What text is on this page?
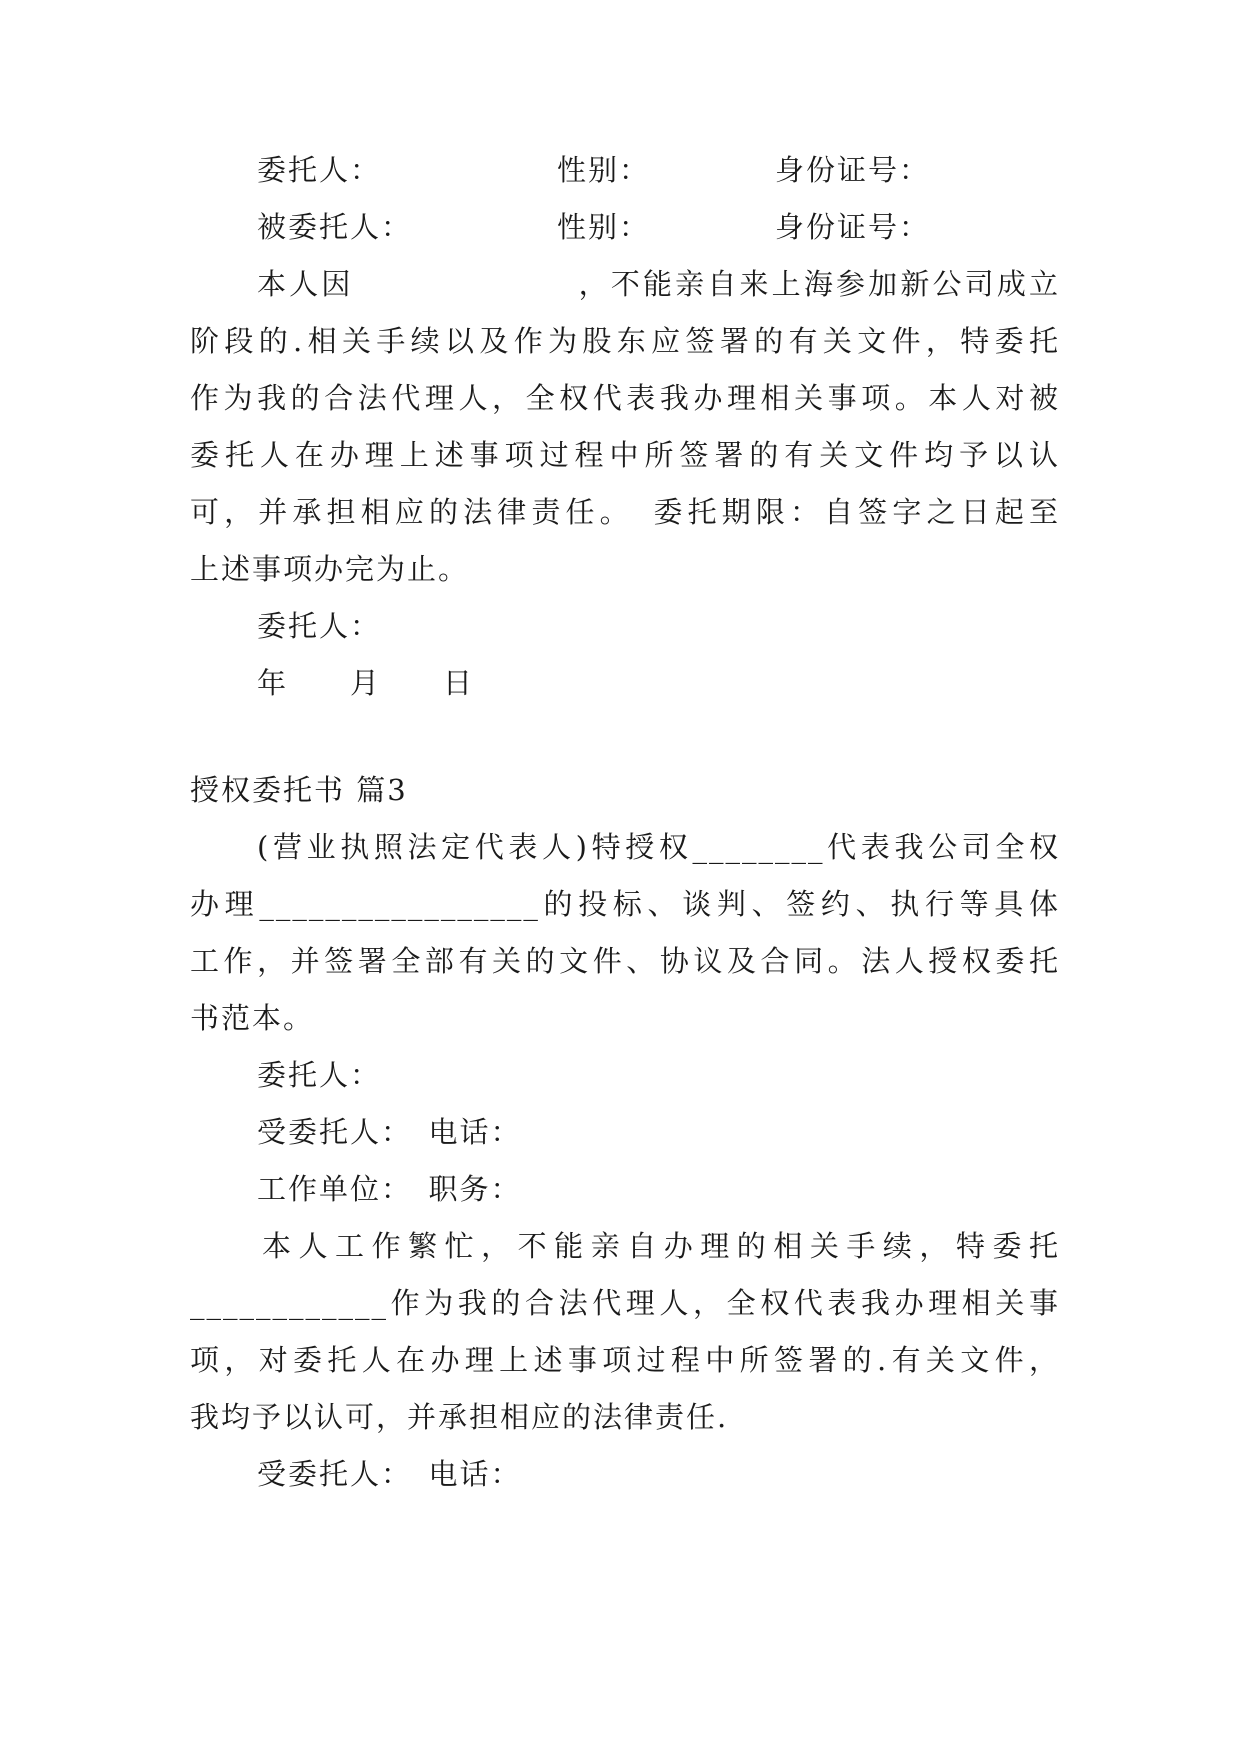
委托人：	性别：	身份证号：
被委托人：	性别：	身份证号：
本人因　　　　　　　，不能亲自来上海参加新公司成立
阶段的.相关手续以及作为股东应签署的有关文件，特委托
作为我的合法代理人，全权代表我办理相关事项。本人对被
委托人在办理上述事项过程中所签署的有关文件均予以认
可，并承担相应的法律责任。　委托期限：自签字之日起至
上述事项办完为止。
委托人：
年　　月　　日
授权委托书 篇3
(营业执照法定代表人)特授权________代表我公司全权
办理_________________的投标、谈判、签约、执行等具体
工作，并签署全部有关的文件、协议及合同。法人授权委托
书范本。
委托人：
受委托人：　电话：
工作单位：　职务：
本人工作繁忙，不能亲自办理的相关手续，特委托
____________作为我的合法代理人，全权代表我办理相关事
项，对委托人在办理上述事项过程中所签署的.有关文件，
我均予以认可，并承担相应的法律责任.
受委托人：　电话：
